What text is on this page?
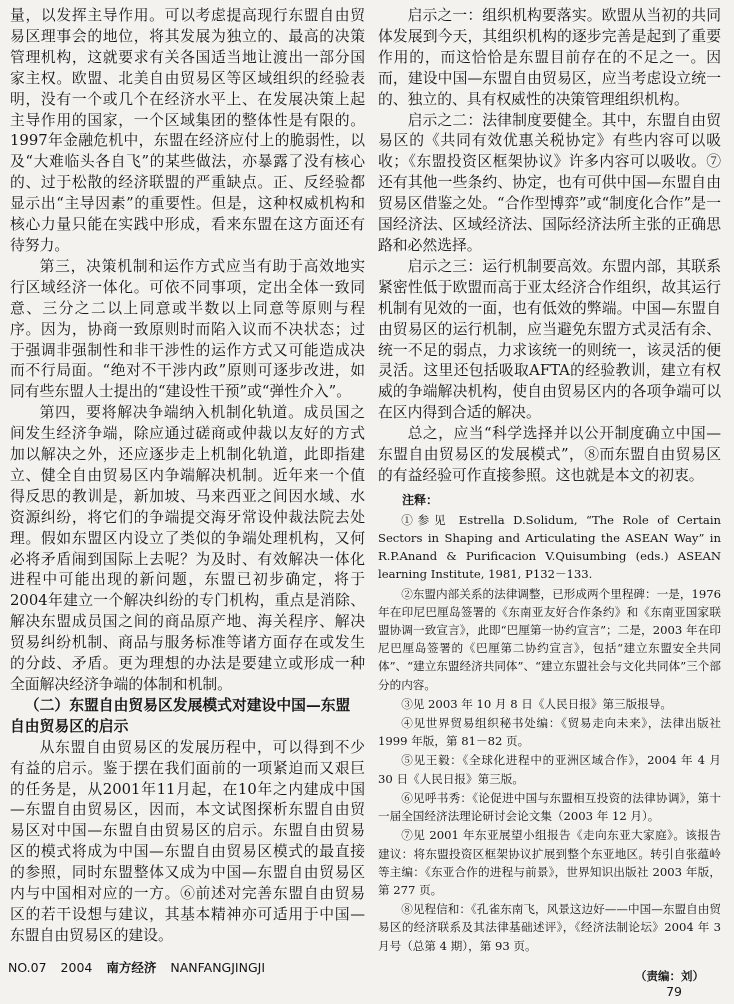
量，以发挥主导作用。可以考虑提高现行东盟自由贸易区理事会的地位，将其发展为独立的、最高的决策管理机构，这就要求有关各国适当地让渡出一部分国家主权。欧盟、北美自由贸易区等区域组织的经验表明，没有一个或几个在经济水平上、在发展决策上起主导作用的国家，一个区域集团的整体性是有限的。1997年金融危机中，东盟在经济应付上的脆弱性，以及“大难临头各自飞”的某些做法，亦暴露了没有核心的、过于松散的经济联盟的严重缺点。正、反经验都显示出“主导因素”的重要性。但是，这种权威机构和核心力量只能在实践中形成，看来东盟在这方面还有待努力。

第三，决策机制和运作方式应当有助于高效地实行区域经济一体化。可依不同事项，定出全体一致同意、三分之二以上同意或半数以上同意等原则与程序。因为，协商一致原则时而陷入议而不决状态；过于强调非强制性和非干涉性的运作方式又可能造成决而不行局面。“绝对不干涉内政”原则可逐步改进，如同有些东盟人士提出的“建设性干预”或“弹性介入”。

第四，要将解决争端纳入机制化轨道。成员国之间发生经济争端，除应通过磋商或仲裁以友好的方式加以解决之外，还应逐步走上机制化轨道，此即指建立、健全自由贸易区内争端解决机制。近年来一个值得反思的教训是，新加坡、马来西亚之间因水域、水资源纠纷，将它们的争端提交海牙常设仲裁法院去处理。假如东盟区内设立了类似的争端处理机构，又何必将矛盾闹到国际上去呢？为及时、有效解决一体化进程中可能出现的新问题，东盟已初步确定，将于2004年建立一个解决纠纷的专门机构，重点是消除、解决东盟成员国之间的商品原产地、海关程序、解决贸易纠纷机制、商品与服务标准等诸方面存在或发生的分歧、矛盾。更为理想的办法是要建立或形成一种全面解决经济争端的体制和机制。

（二）东盟自由贸易区发展模式对建设中国—东盟自由贸易区的启示

从东盟自由贸易区的发展历程中，可以得到不少有益的启示。鉴于摆在我们面前的一项紧迫而又艰巨的任务是，从2001年11月起，在10年之内建成中国—东盟自由贸易区，因而，本文试图探析东盟自由贸易区对中国—东盟自由贸易区的启示。东盟自由贸易区的模式将成为中国—东盟自由贸易区模式的最直接的参照，同时东盟整体又成为中国—东盟自由贸易区内与中国相对应的一方。⑥前述对完善东盟自由贸易区的若干设想与建议，其基本精神亦可适用于中国—东盟自由贸易区的建设。

启示之一：组织机构要落实。欧盟从当初的共同体发展到今天，其组织机构的逐步完善是起到了重要作用的，而这恰恰是东盟目前存在的不足之一。因而，建设中国—东盟自由贸易区，应当考虑设立统一的、独立的、具有权威性的决策管理组织机构。

启示之二：法律制度要健全。其中，东盟自由贸易区的《共同有效优惠关税协定》有些内容可以吸收；《东盟投资区框架协议》许多内容可以吸收。⑦还有其他一些条约、协定，也有可供中国—东盟自由贸易区借鉴之处。“合作型博弈”或“制度化合作”是一国经济法、区域经济法、国际经济法所主张的正确思路和必然选择。

启示之三：运行机制要高效。东盟内部，其联系紧密性低于欧盟而高于亚太经济合作组织，故其运行机制有见效的一面，也有低效的弊端。中国—东盟自由贸易区的运行机制，应当避免东盟方式灵活有余、统一不足的弱点，力求该统一的则统一，该灵活的便灵活。这里还包括吸取AFTA的经验教训，建立有权威的争端解决机构，使自由贸易区内的各项争端可以在区内得到合适的解决。

总之，应当“科学选择并以公开制度确立中国—东盟自由贸易区的发展模式”，⑧而东盟自由贸易区的有益经验可作直接参照。这也就是本文的初衷。

注释：

①参见 Estrella D.Solidum, “The Role of Certain Sectors in Shaping and Articulating the ASEAN Way” in R.P.Anand & Purificacion V.Quisumbing (eds.) ASEAN learning Institute, 1981, P132－133.

②东盟内部关系的法律调整，已形成两个里程碑：一是，1976 年在印尼巴厘岛签署的《东南亚友好合作条约》和《东南亚国家联盟协调一致宣言》，此即“巴厘第一协约宣言”；二是，2003 年在印尼巴厘岛签署的《巴厘第二协约宣言》，包括“建立东盟安全共同体”、“建立东盟经济共同体”、“建立东盟社会与文化共同体”三个部分的内容。

③见 2003 年 10 月 8 日《人民日报》第三版报导。

④见世界贸易组织秘书处编：《贸易走向未来》，法律出版社 1999 年版，第 81－82 页。

⑤见王毅：《全球化进程中的亚洲区域合作》，2004 年 4 月 30 日《人民日报》第三版。

⑥见呼书秀：《论促进中国与东盟相互投资的法律协调》，第十一届全国经济法理论研讨会论文集（2003 年 12 月）。

⑦见 2001 年东亚展望小组报告《走向东亚大家庭》。该报告建议：将东盟投资区框架协议扩展到整个东亚地区。转引自张蕴岭等主编：《东亚合作的进程与前景》，世界知识出版社 2003 年版，第 277 页。

⑧见程信和：《孔雀东南飞，风景这边好——中国—东盟自由贸易区的经济联系及其法律基础述评》，《经济法制论坛》2004 年 3 月号（总第 4 期），第 93 页。

（责编：刘）
NO.07 2004 南方经济 NANFANGJINGJI
79
